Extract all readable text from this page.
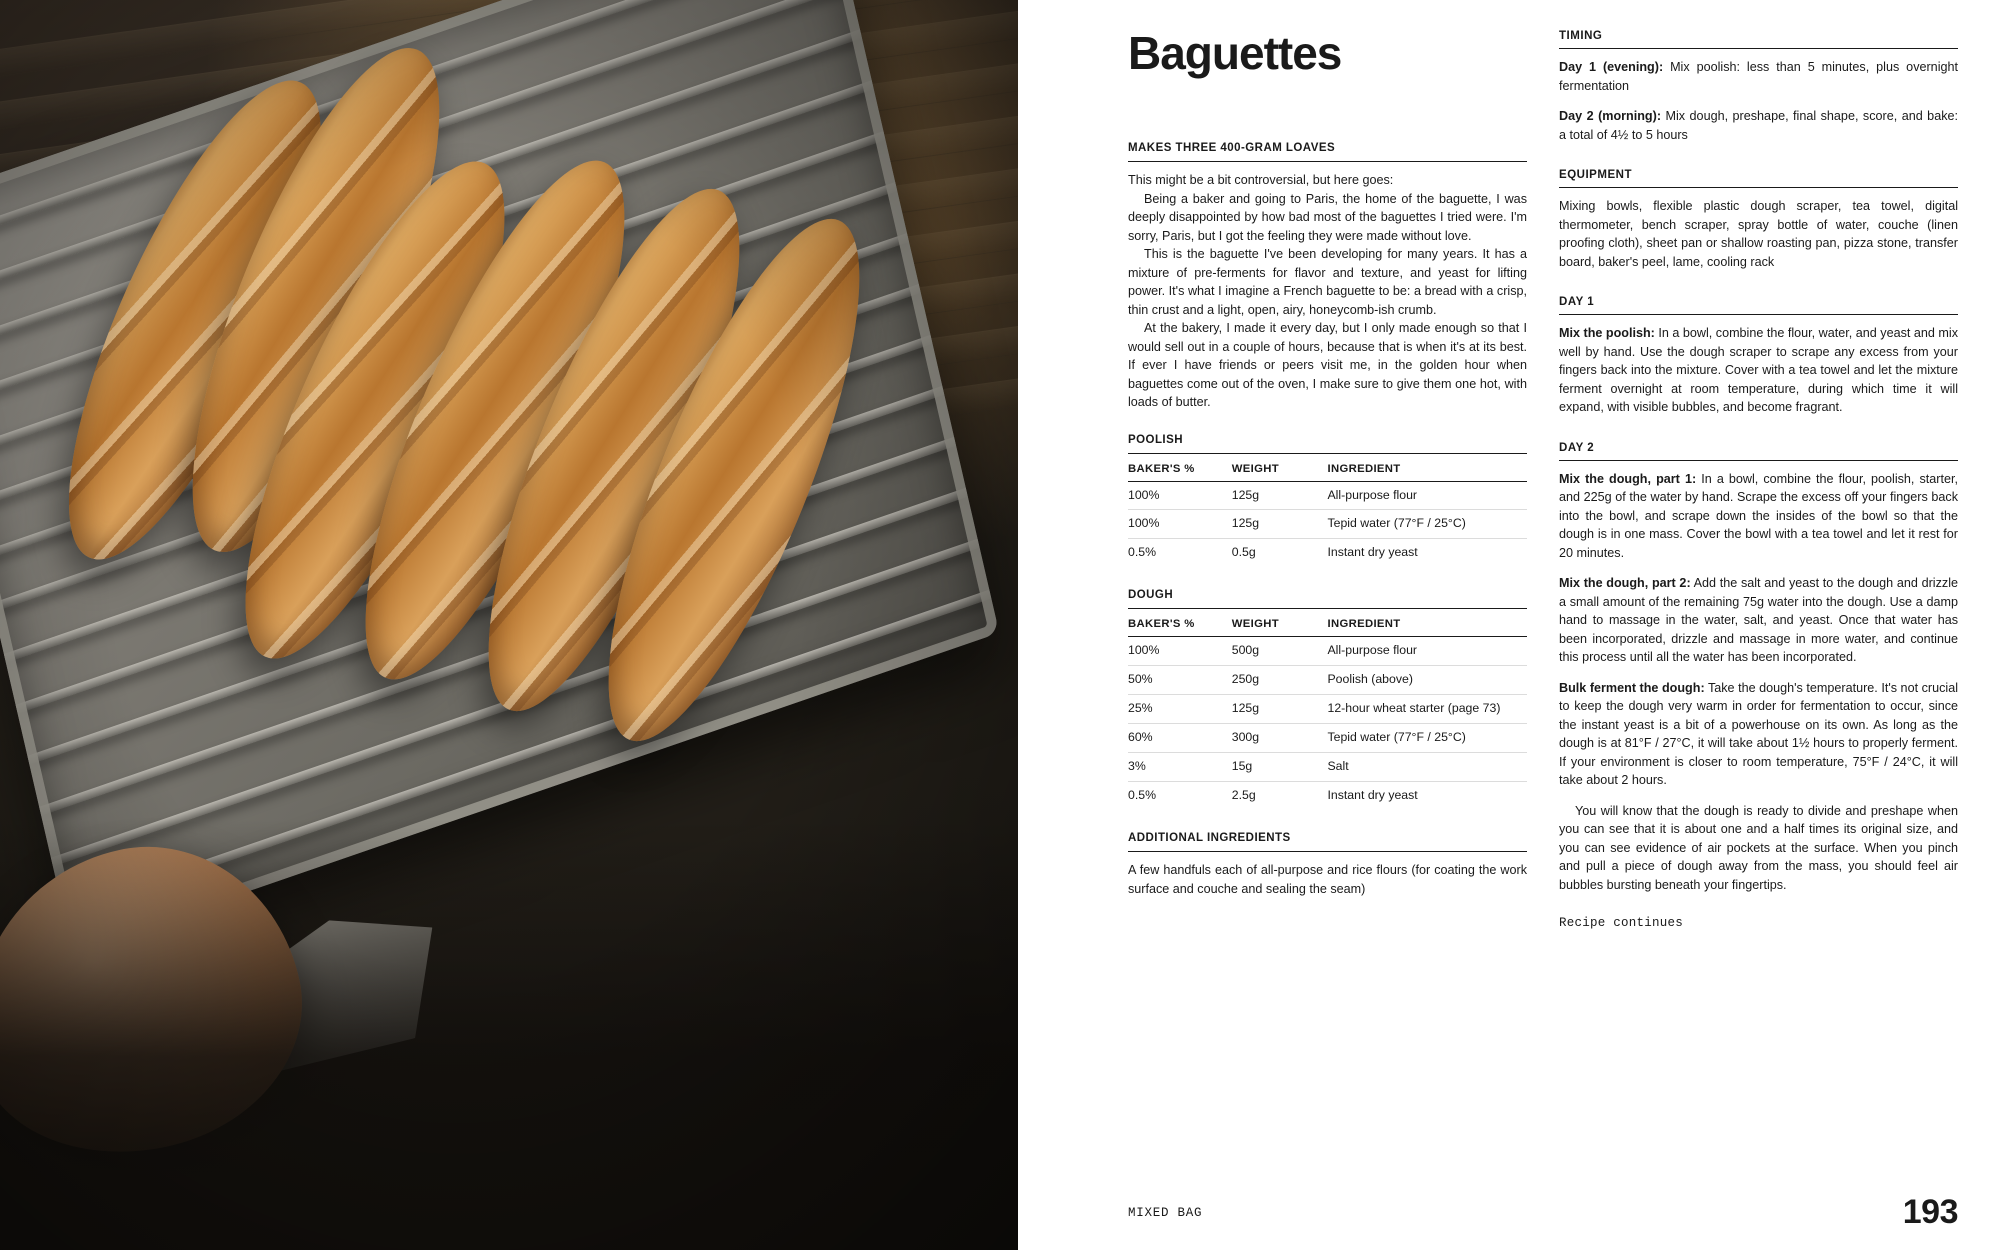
Baguettes
MAKES THREE 400-GRAM LOAVES

This might be a bit controversial, but here goes:

Being a baker and going to Paris, the home of the baguette, I was deeply disappointed by how bad most of the baguettes I tried were. I'm sorry, Paris, but I got the feeling they were made without love.

This is the baguette I've been developing for many years. It has a mixture of pre-ferments for flavor and texture, and yeast for lifting power. It's what I imagine a French baguette to be: a bread with a crisp, thin crust and a light, open, airy, honeycomb-ish crumb.

At the bakery, I made it every day, but I only made enough so that I would sell out in a couple of hours, because that is when it's at its best. If ever I have friends or peers visit me, in the golden hour when baguettes come out of the oven, I make sure to give them one hot, with loads of butter.

POOLISH
BAKER'S %	WEIGHT	INGREDIENT
100%	125g	All-purpose flour
100%	125g	Tepid water (77°F / 25°C)
0.5%	0.5g	Instant dry yeast
DOUGH
BAKER'S %	WEIGHT	INGREDIENT
100%	500g	All-purpose flour
50%	250g	Poolish (above)
25%	125g	12-hour wheat starter (page 73)
60%	300g	Tepid water (77°F / 25°C)
3%	15g	Salt
0.5%	2.5g	Instant dry yeast
ADDITIONAL INGREDIENTS

A few handfuls each of all-purpose and rice flours (for coating the work surface and couche and sealing the seam)

TIMING

Day 1 (evening): Mix poolish: less than 5 minutes, plus overnight fermentation

Day 2 (morning): Mix dough, preshape, final shape, score, and bake: a total of 4½ to 5 hours

EQUIPMENT

Mixing bowls, flexible plastic dough scraper, tea towel, digital thermometer, bench scraper, spray bottle of water, couche (linen proofing cloth), sheet pan or shallow roasting pan, pizza stone, transfer board, baker's peel, lame, cooling rack

DAY 1

Mix the poolish: In a bowl, combine the flour, water, and yeast and mix well by hand. Use the dough scraper to scrape any excess from your fingers back into the mixture. Cover with a tea towel and let the mixture ferment overnight at room temperature, during which time it will expand, with visible bubbles, and become fragrant.

DAY 2

Mix the dough, part 1: In a bowl, combine the flour, poolish, starter, and 225g of the water by hand. Scrape the excess off your fingers back into the bowl, and scrape down the insides of the bowl so that the dough is in one mass. Cover the bowl with a tea towel and let it rest for 20 minutes.

Mix the dough, part 2: Add the salt and yeast to the dough and drizzle a small amount of the remaining 75g water into the dough. Use a damp hand to massage in the water, salt, and yeast. Once that water has been incorporated, drizzle and massage in more water, and continue this process until all the water has been incorporated.

Bulk ferment the dough: Take the dough's temperature. It's not crucial to keep the dough very warm in order for fermentation to occur, since the instant yeast is a bit of a powerhouse on its own. As long as the dough is at 81°F / 27°C, it will take about 1½ hours to properly ferment. If your environment is closer to room temperature, 75°F / 24°C, it will take about 2 hours.

You will know that the dough is ready to divide and preshape when you can see that it is about one and a half times its original size, and you can see evidence of air pockets at the surface. When you pinch and pull a piece of dough away from the mass, you should feel air bubbles bursting beneath your fingertips.

Recipe continues
MIXED BAG	193
